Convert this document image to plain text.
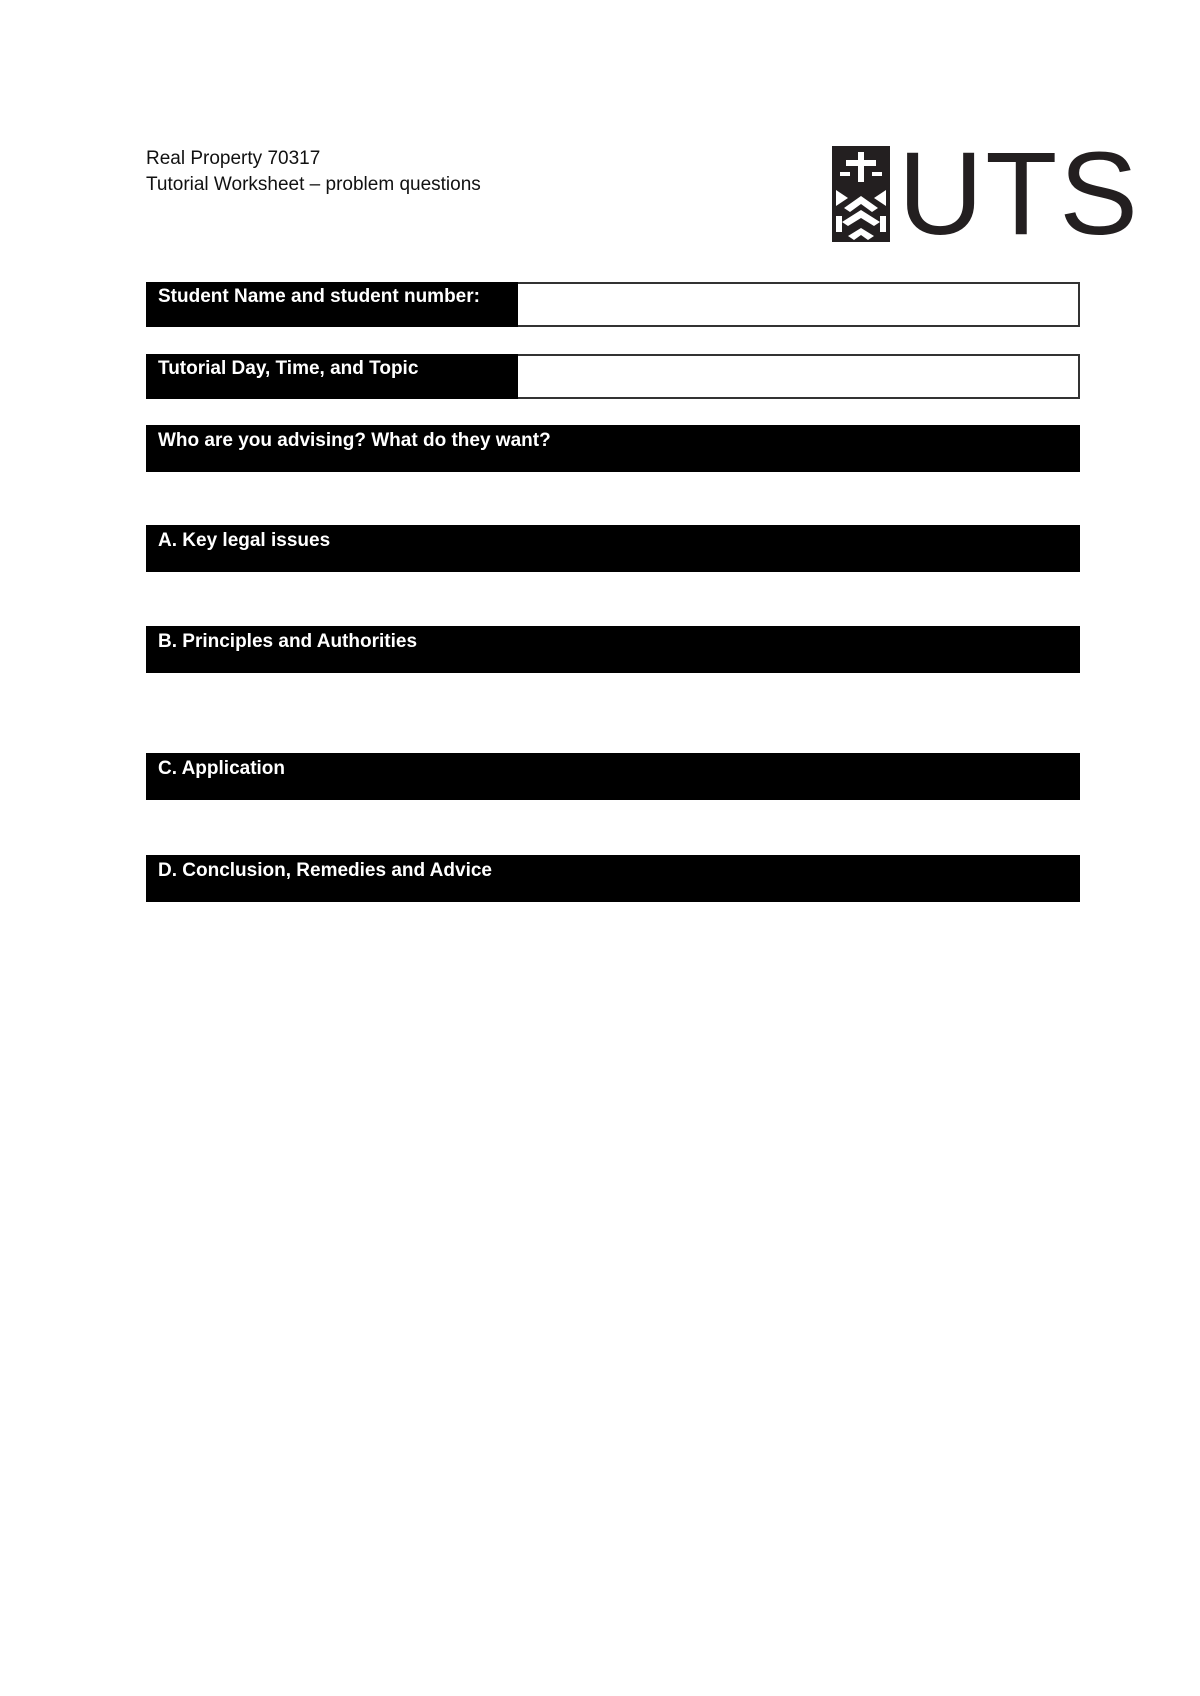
Real Property 70317
Tutorial Worksheet – problem questions	UTS
Student Name and student number:
Tutorial Day, Time, and Topic
Who are you advising? What do they want?
A. Key legal issues
B. Principles and Authorities
C. Application
D. Conclusion, Remedies and Advice
